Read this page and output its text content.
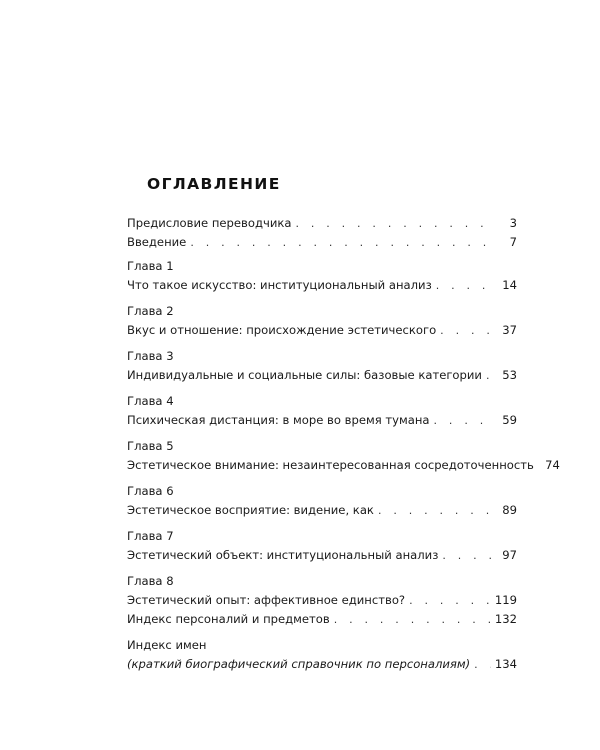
ОГЛАВЛЕНИЕ
Предисловие переводчика . . .	3
Введение . . .	7
Глава 1
Что такое искусство: институциональный анализ . . .	14
Глава 2
Вкус и отношение: происхождение эстетического . . .	37
Глава 3
Индивидуальные и социальные силы: базовые категории . . . 53
Глава 4
Психическая дистанция: в море во время тумана . . .	59
Глава 5
Эстетическое внимание: незаинтересованная сосредоточенность 74
Глава 6
Эстетическое восприятие: видение, как . . .	89
Глава 7
Эстетический объект: институциональный анализ . . .	97
Глава 8
Эстетический опыт: аффективное единство? . . .	119
Индекс персоналий и предметов . . .	132
Индекс имен
(краткий биографический справочник по персоналиям) . . . 134
